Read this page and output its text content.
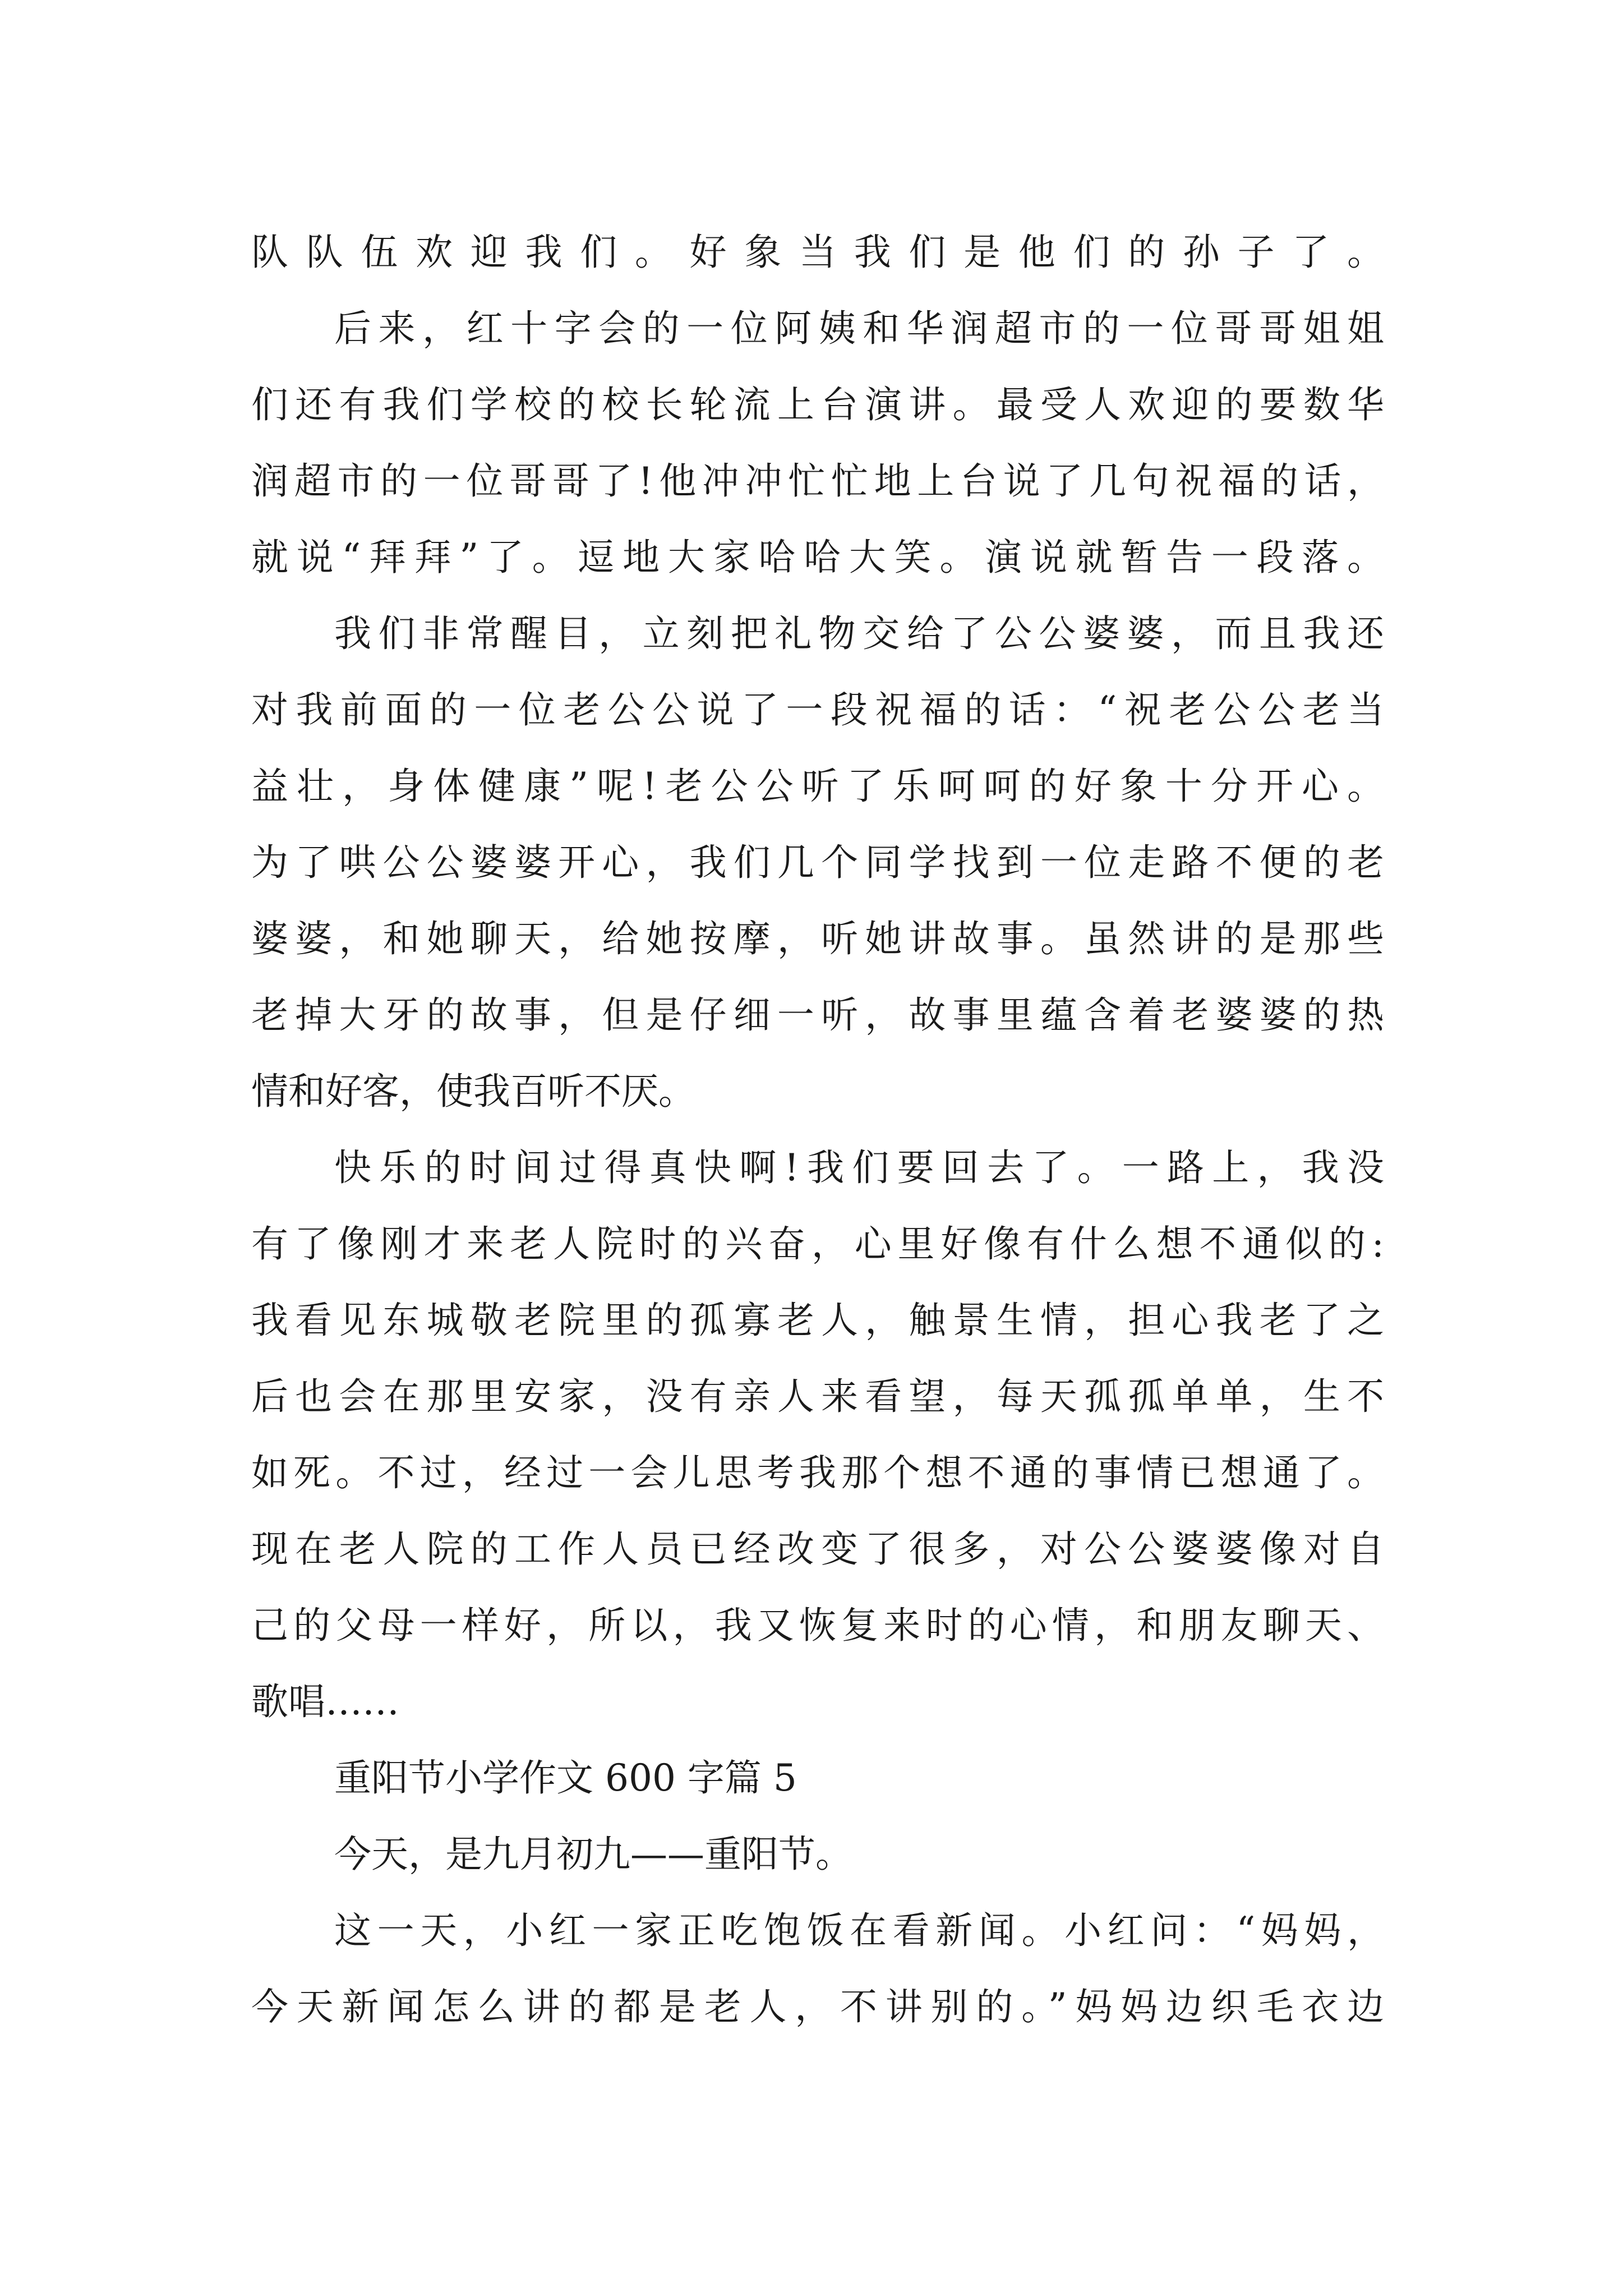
队队伍欢迎我们。好象当我们是他们的孙子了。
后来，红十字会的一位阿姨和华润超市的一位哥哥姐姐
们还有我们学校的校长轮流上台演讲。最受人欢迎的要数华
润超市的一位哥哥了!他冲冲忙忙地上台说了几句祝福的话，
就说“拜拜”了。逗地大家哈哈大笑。演说就暂告一段落。
我们非常醒目，立刻把礼物交给了公公婆婆，而且我还
对我前面的一位老公公说了一段祝福的话：“祝老公公老当
益壮，身体健康”呢!老公公听了乐呵呵的好象十分开心。
为了哄公公婆婆开心，我们几个同学找到一位走路不便的老
婆婆，和她聊天，给她按摩，听她讲故事。虽然讲的是那些
老掉大牙的故事，但是仔细一听，故事里蕴含着老婆婆的热
情和好客，使我百听不厌。
快乐的时间过得真快啊!我们要回去了。一路上，我没
有了像刚才来老人院时的兴奋，心里好像有什么想不通似的:
我看见东城敬老院里的孤寡老人，触景生情，担心我老了之
后也会在那里安家，没有亲人来看望，每天孤孤单单，生不
如死。不过，经过一会儿思考我那个想不通的事情已想通了。
现在老人院的工作人员已经改变了很多，对公公婆婆像对自
己的父母一样好，所以，我又恢复来时的心情，和朋友聊天、
歌唱……
重阳节小学作文 600 字篇 5
今天，是九月初九——重阳节。
这一天，小红一家正吃饱饭在看新闻。小红问：“妈妈，
今天新闻怎么讲的都是老人，不讲别的。”妈妈边织毛衣边
